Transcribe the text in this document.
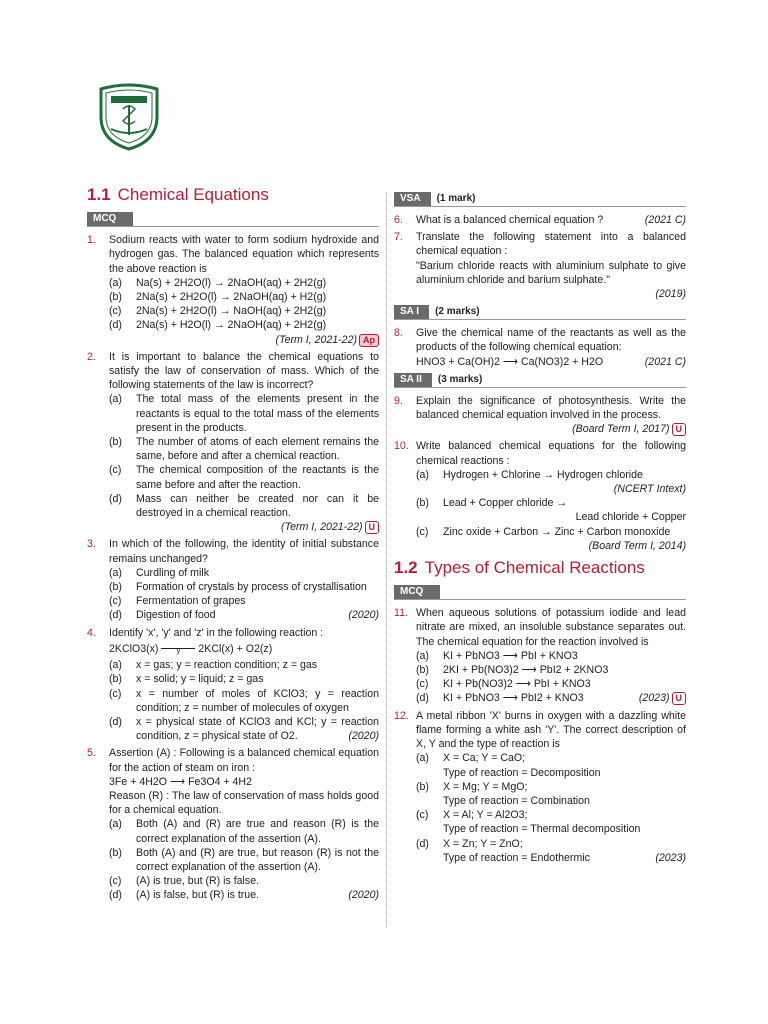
1.1 Chemical Equations
MCQ
1.	Sodium reacts with water to form sodium hydroxide and hydrogen gas. The balanced equation which represents the above reaction is
(a)	Na(s) + 2H2O(l) → 2NaOH(aq) + 2H2(g)
(b)	2Na(s) + 2H2O(l) → 2NaOH(aq) + H2(g)
(c)	2Na(s) + 2H2O(l) → NaOH(aq) + 2H2(g)
(d)	2Na(s) + H2O(l) → 2NaOH(aq) + 2H2(g)
(Term I, 2021-22) Ap
2.	It is important to balance the chemical equations to satisfy the law of conservation of mass. Which of the following statements of the law is incorrect?
(a)	The total mass of the elements present in the reactants is equal to the total mass of the elements present in the products.
(b)	The number of atoms of each element remains the same, before and after a chemical reaction.
(c)	The chemical composition of the reactants is the same before and after the reaction.
(d)	Mass can neither be created nor can it be destroyed in a chemical reaction.
(Term I, 2021-22) U
3.	In which of the following, the identity of initial substance remains unchanged?
(a)	Curdling of milk
(b)	Formation of crystals by process of crystallisation
(c)	Fermentation of grapes
(d)	Digestion of food	(2020)
4.	Identify 'x', 'y' and 'z' in the following reaction :
2KClO3(x)	y	2KCl(x) + O2(z)
(a)	x = gas; y = reaction condition; z = gas
(b)	x = solid; y = liquid; z = gas
(c)	x = number of moles of KClO3; y = reaction condition; z = number of molecules of oxygen
(d)	x = physical state of KClO3 and KCl; y = reaction condition, z = physical state of O2.	(2020)
5.	Assertion (A) : Following is a balanced chemical equation for the action of steam on iron :
3Fe + 4H2O ⟶ Fe3O4 + 4H2
Reason (R) : The law of conservation of mass holds good for a chemical equation.
(a)	Both (A) and (R) are true and reason (R) is the correct explanation of the assertion (A).
(b)	Both (A) and (R) are true, but reason (R) is not the correct explanation of the assertion (A).
(c)	(A) is true, but (R) is false.
(d)	(A) is false, but (R) is true.	(2020)
VSA	(1 mark)
6.	What is a balanced chemical equation ?	(2021 C)
7.	Translate the following statement into a balanced chemical equation :
"Barium chloride reacts with aluminium sulphate to give aluminium chloride and barium sulphate."
(2019)
SA I	(2 marks)
8.	Give the chemical name of the reactants as well as the products of the following chemical equation:
HNO3 + Ca(OH)2 ⟶ Ca(NO3)2 + H2O	(2021 C)
SA II	(3 marks)
9.	Explain the significance of photosynthesis. Write the balanced chemical equation involved in the process.
(Board Term I, 2017) U
10. Write balanced chemical equations for the following chemical reactions :
(a)	Hydrogen + Chlorine → Hydrogen chloride
(NCERT Intext)
(b)	Lead + Copper chloride →
Lead chloride + Copper
(c)	Zinc oxide + Carbon → Zinc + Carbon monoxide
(Board Term I, 2014)
1.2 Types of Chemical Reactions
MCQ
11. When aqueous solutions of potassium iodide and lead nitrate are mixed, an insoluble substance separates out. The chemical equation for the reaction involved is
(a)	KI + PbNO3 ⟶ PbI + KNO3
(b)	2KI + Pb(NO3)2 ⟶ PbI2 + 2KNO3
(c)	KI + Pb(NO3)2 ⟶ PbI + KNO3
(d)	KI + PbNO3 ⟶ PbI2 + KNO3	(2023) U
12. A metal ribbon 'X' burns in oxygen with a dazzling white flame forming a white ash 'Y'. The correct description of X, Y and the type of reaction is
(a)	X = Ca; Y = CaO;
Type of reaction = Decomposition
(b)	X = Mg; Y = MgO;
Type of reaction = Combination
(c)	X = Al; Y = Al2O3;
Type of reaction = Thermal decomposition
(d)	X = Zn; Y = ZnO;
Type of reaction = Endothermic	(2023)
